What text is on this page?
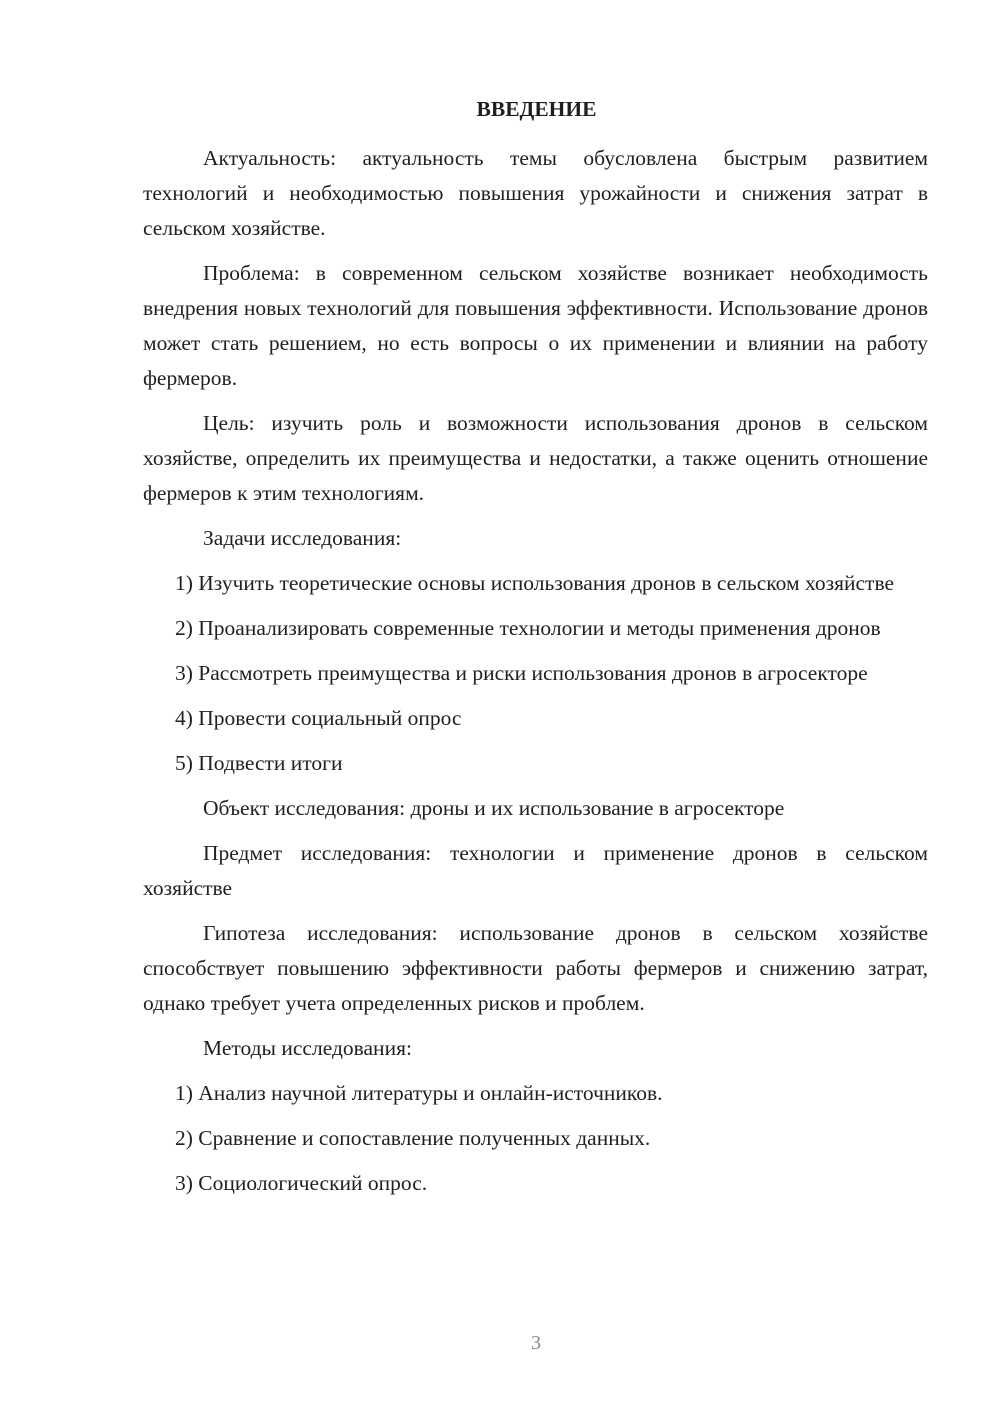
ВВЕДЕНИЕ

Актуальность: актуальность темы обусловлена быстрым развитием технологий и необходимостью повышения урожайности и снижения затрат в сельском хозяйстве.

Проблема: в современном сельском хозяйстве возникает необходимость внедрения новых технологий для повышения эффективности. Использование дронов может стать решением, но есть вопросы о их применении и влиянии на работу фермеров.

Цель: изучить роль и возможности использования дронов в сельском хозяйстве, определить их преимущества и недостатки, а также оценить отношение фермеров к этим технологиям.

Задачи исследования:

1) Изучить теоретические основы использования дронов в сельском хозяйстве

2) Проанализировать современные технологии и методы применения дронов

3) Рассмотреть преимущества и риски использования дронов в агросекторе

4) Провести социальный опрос

5) Подвести итоги

Объект исследования: дроны и их использование в агросекторе

Предмет исследования: технологии и применение дронов в сельском хозяйстве

Гипотеза исследования: использование дронов в сельском хозяйстве способствует повышению эффективности работы фермеров и снижению затрат, однако требует учета определенных рисков и проблем.

Методы исследования:

1) Анализ научной литературы и онлайн-источников.

2) Сравнение и сопоставление полученных данных.

3) Социологический опрос.

3
